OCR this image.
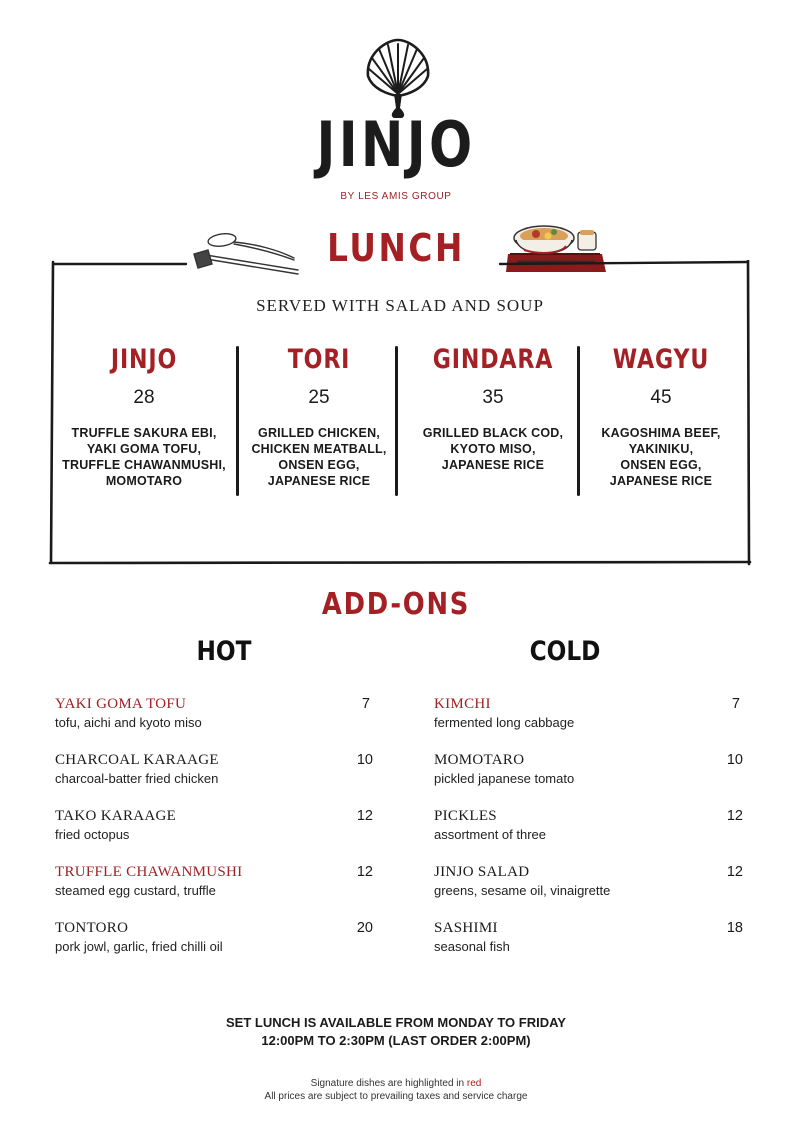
JINJO
BY LES AMIS GROUP
LUNCH
SERVED WITH SALAD AND SOUP
JINJO
28
TRUFFLE SAKURA EBI,
YAKI GOMA TOFU,
TRUFFLE CHAWANMUSHI,
MOMOTARO
TORI
25
GRILLED CHICKEN,
CHICKEN MEATBALL,
ONSEN EGG,
JAPANESE RICE
GINDARA
35
GRILLED BLACK COD,
KYOTO MISO,
JAPANESE RICE
WAGYU
45
KAGOSHIMA BEEF,
YAKINIKU,
ONSEN EGG,
JAPANESE RICE
ADD-ONS
HOT	COLD
YAKI GOMA TOFU
tofu, aichi and kyoto miso
7
CHARCOAL KARAAGE
charcoal-batter fried chicken
10
TAKO KARAAGE
fried octopus
12
TRUFFLE CHAWANMUSHI
steamed egg custard, truffle
12
TONTORO
pork jowl, garlic, fried chilli oil
20
KIMCHI
fermented long cabbage
7
MOMOTARO
pickled japanese tomato
10
PICKLES
assortment of three
12
JINJO SALAD
greens, sesame oil, vinaigrette
12
SASHIMI
seasonal fish
18
SET LUNCH IS AVAILABLE FROM MONDAY TO FRIDAY
12:00PM TO 2:30PM (LAST ORDER 2:00PM)
Signature dishes are highlighted in red
All prices are subject to prevailing taxes and service charge
